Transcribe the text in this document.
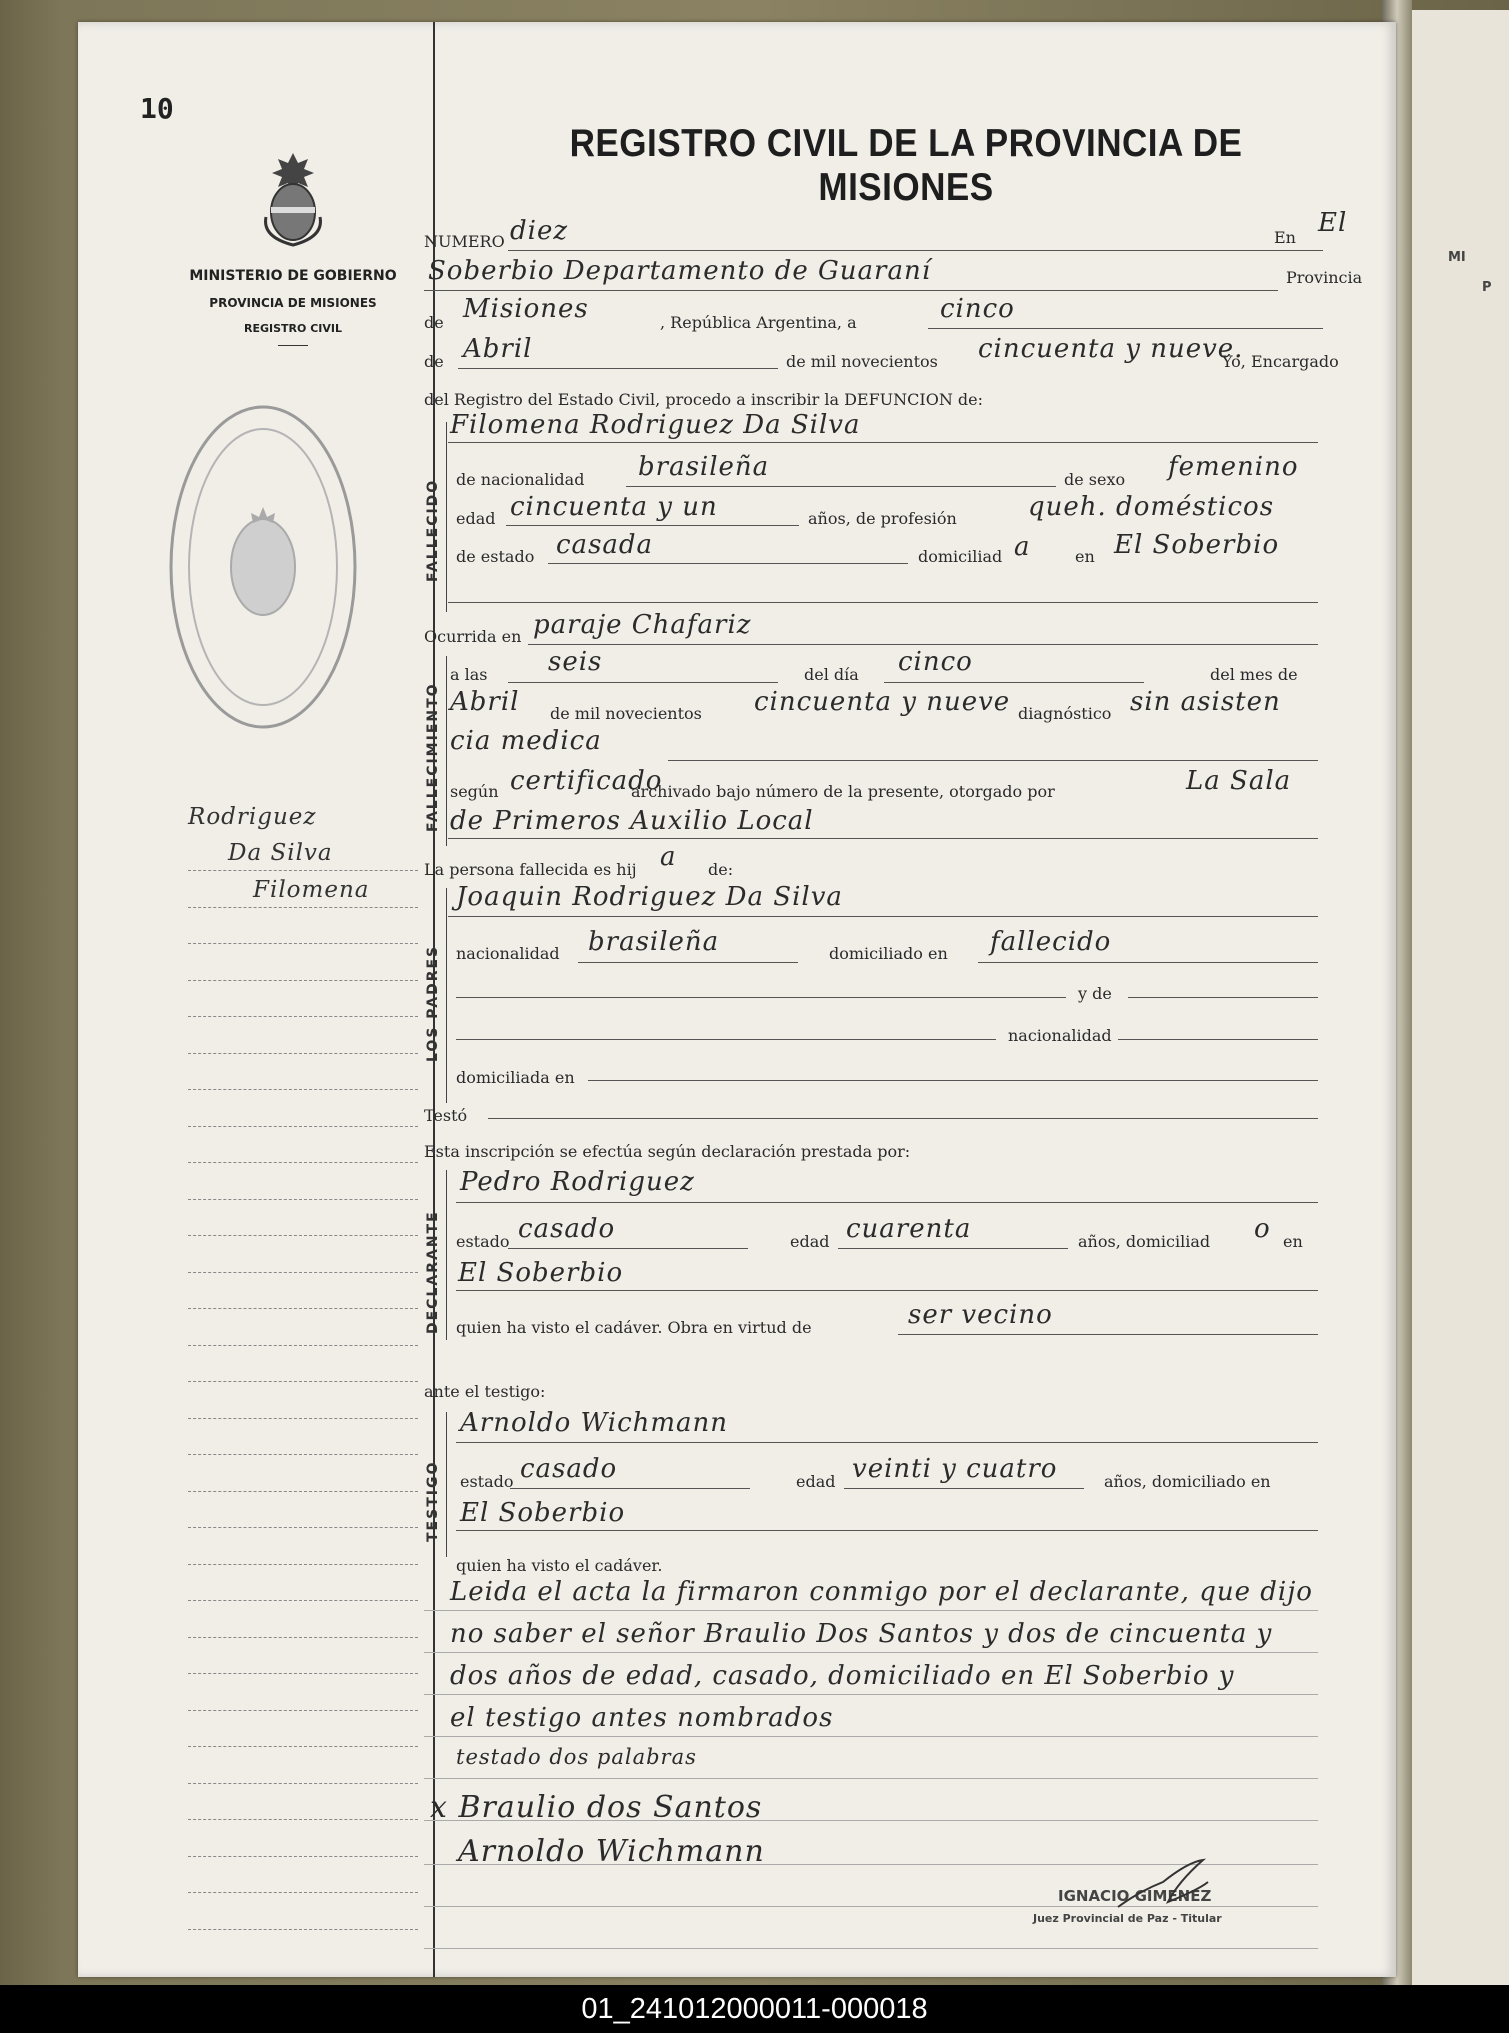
MI
P
10
MINISTERIO DE GOBIERNO
PROVINCIA DE MISIONES
REGISTRO CIVIL
Rodriguez
Da Silva
Filomena
REGISTRO CIVIL DE LA PROVINCIA DE MISIONES
NUMERO diez	En El
Soberbio Departamento de Guaraní	Provincia
de Misiones	, República Argentina, a	cinco
de Abril	de mil novecientos cincuenta y nueve.
Yo, Encargado
del Registro del Estado Civil, procedo a inscribir la DEFUNCION de:
FALLECIDO
Filomena Rodriguez Da Silva
de nacionalidad brasileña	de sexo femenino
edad cincuenta y un	años, de profesión	queh. domésticos
de estado casada	domiciliad a	en El Soberbio
Ocurrida en paraje Chafariz
FALLECIMIENTO
a las seis	del día cinco	del mes de
Abril de mil novecientos cincuenta y nueve diagnóstico sin asisten
cia medica
según certificado
archivado bajo número de la presente, otorgado por	La Sala
de Primeros Auxilio Local
La persona fallecida es hij a de:
LOS PADRES
Joaquin Rodriguez Da Silva
nacionalidad brasileña	domiciliado en fallecido
y de
nacionalidad
domiciliada en
Testó
Esta inscripción se efectúa según declaración prestada por:
DECLARANTE
Pedro Rodriguez
estado casado	edad cuarenta	años, domiciliad o en
El Soberbio
quien ha visto el cadáver. Obra en virtud de	ser vecino
ante el testigo:
TESTIGO
Arnoldo Wichmann
estado casado	edad veinti y cuatro	años, domiciliado en
El Soberbio
quien ha visto el cadáver.
Leida el acta la firmaron conmigo por el declarante, que dijo
no saber el señor Braulio Dos Santos y dos de cincuenta y
dos años de edad, casado, domiciliado en El Soberbio y
el testigo antes nombrados
testado dos palabras
x Braulio dos Santos
Arnoldo Wichmann
IGNACIO GIMENEZ
Juez Provincial de Paz - Titular
01_241012000011-000018
